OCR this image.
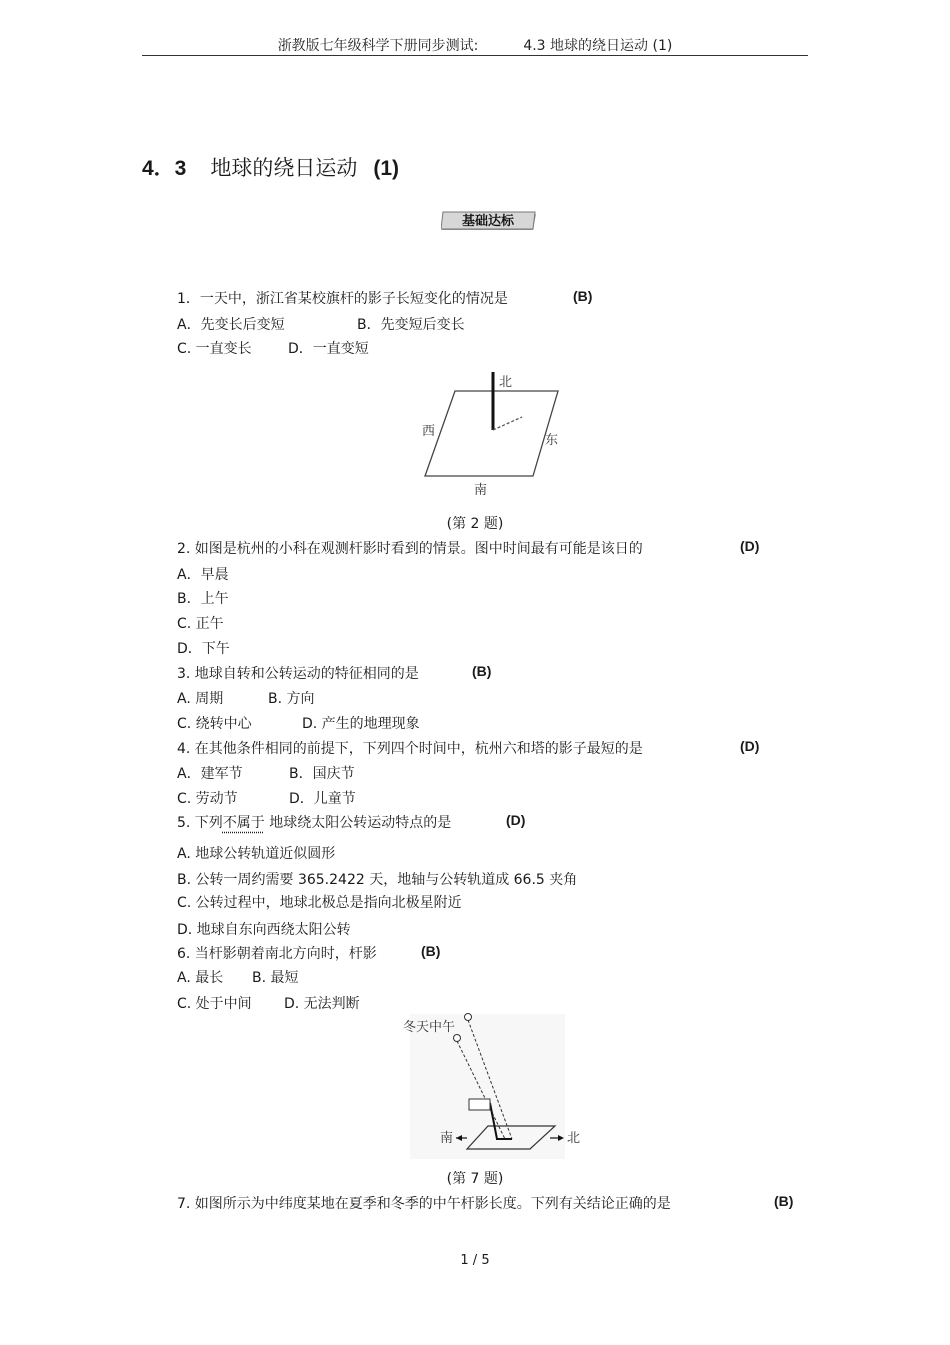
浙教版七年级科学下册同步测试:	4.3 地球的绕日运动 (1)
4．3 地球的绕日运动 (1)
基础达标
1．一天中，浙江省某校旗杆的影子长短变化的情况是	(B)
A．先变长后变短	B．先变短后变长
C. 一直变长	D．一直变短
北
西
东
南
(第 2 题)
2. 如图是杭州的小科在观测杆影时看到的情景。图中时间最有可能是该日的	(D)
A．早晨
B．上午
C. 正午
D．下午
3. 地球自转和公转运动的特征相同的是	(B)
A. 周期	B. 方向
C. 绕转中心	D. 产生的地理现象
4. 在其他条件相同的前提下，下列四个时间中，杭州六和塔的影子最短的是	(D)
A．建军节	B．国庆节
C. 劳动节	D．儿童节
5. 下列不属于 地球绕太阳公转运动特点的是	(D)
A. 地球公转轨道近似圆形
B. 公转一周约需要 365.2422 天，地轴与公转轨道成 66.5 夹角
C. 公转过程中，地球北极总是指向北极星附近
D. 地球自东向西绕太阳公转
6. 当杆影朝着南北方向时，杆影	(B)
A. 最长 B. 最短
C. 处于中间 D. 无法判断
冬天中午
南	北
(第 7 题)
7. 如图所示为中纬度某地在夏季和冬季的中午杆影长度。下列有关结论正确的是	(B)
1 / 5
